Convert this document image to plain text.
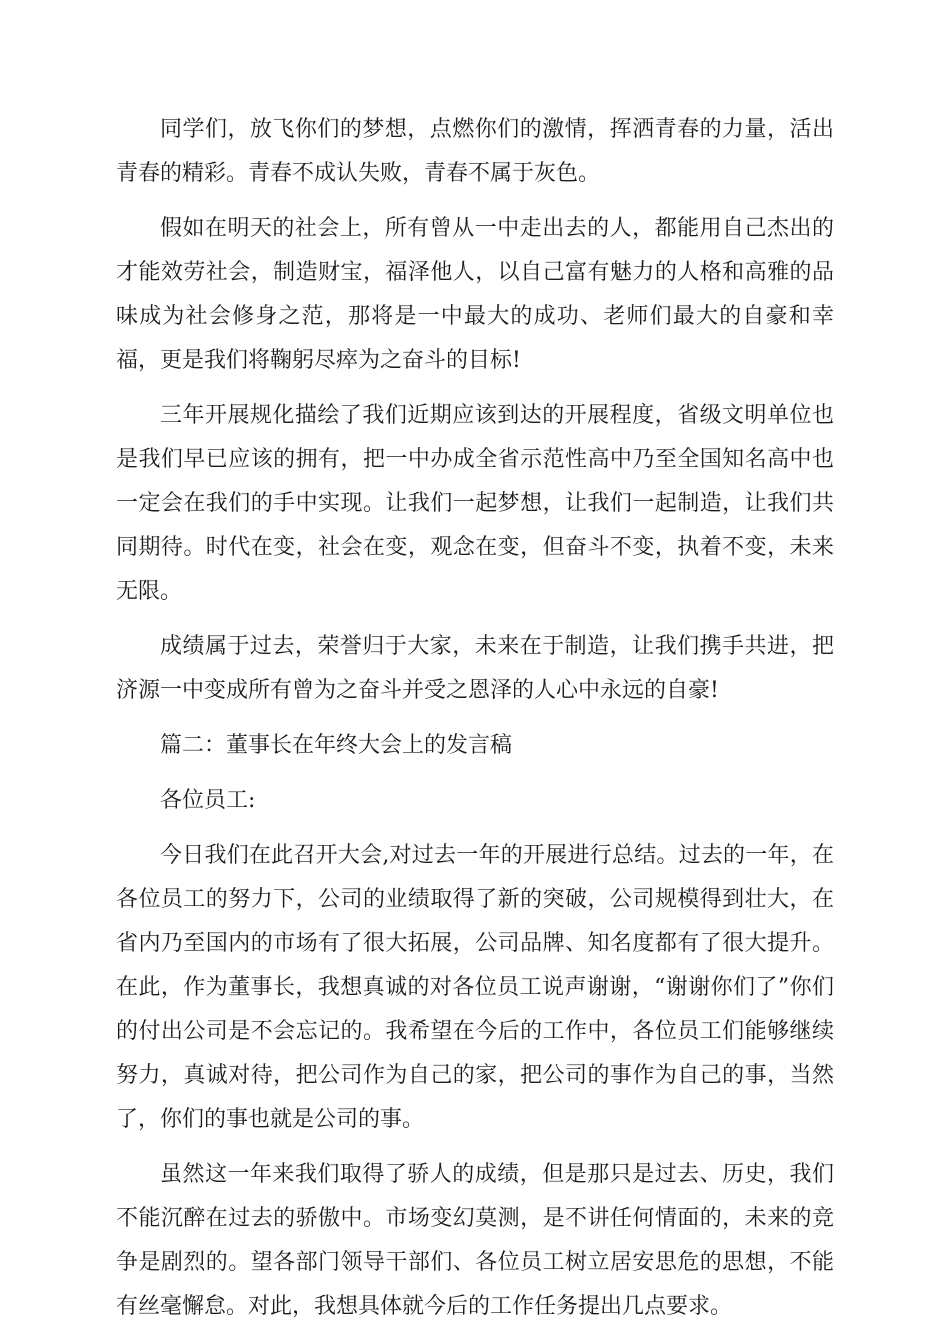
同学们，放飞你们的梦想，点燃你们的激情，挥洒青春的力量，活出青春的精彩。青春不成认失败，青春不属于灰色。

假如在明天的社会上，所有曾从一中走出去的人，都能用自己杰出的才能效劳社会，制造财宝，福泽他人，以自己富有魅力的人格和高雅的品味成为社会修身之范，那将是一中最大的成功、老师们最大的自豪和幸福，更是我们将鞠躬尽瘁为之奋斗的目标!

三年开展规化描绘了我们近期应该到达的开展程度，省级文明单位也是我们早已应该的拥有，把一中办成全省示范性高中乃至全国知名高中也一定会在我们的手中实现。让我们一起梦想，让我们一起制造，让我们共同期待。时代在变，社会在变，观念在变，但奋斗不变，执着不变，未来无限。

成绩属于过去，荣誉归于大家，未来在于制造，让我们携手共进，把济源一中变成所有曾为之奋斗并受之恩泽的人心中永远的自豪!

篇二：董事长在年终大会上的发言稿

各位员工:

今日我们在此召开大会,对过去一年的开展进行总结。过去的一年，在各位员工的努力下，公司的业绩取得了新的突破，公司规模得到壮大，在省内乃至国内的市场有了很大拓展，公司品牌、知名度都有了很大提升。在此，作为董事长，我想真诚的对各位员工说声谢谢，“谢谢你们了”你们的付出公司是不会忘记的。我希望在今后的工作中，各位员工们能够继续努力，真诚对待，把公司作为自己的家，把公司的事作为自己的事，当然了，你们的事也就是公司的事。

虽然这一年来我们取得了骄人的成绩，但是那只是过去、历史，我们不能沉醉在过去的骄傲中。市场变幻莫测，是不讲任何情面的，未来的竞争是剧烈的。望各部门领导干部们、各位员工树立居安思危的思想，不能有丝毫懈怠。对此，我想具体就今后的工作任务提出几点要求。
